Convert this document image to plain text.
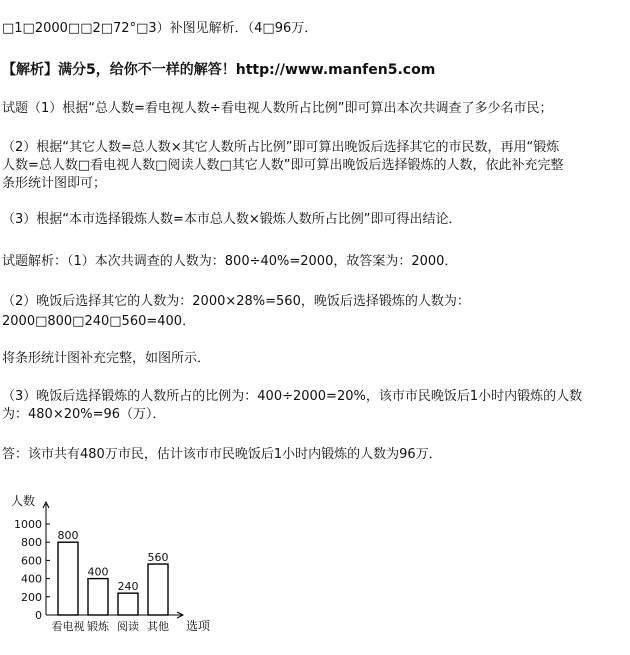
□1□2000□□2□72°□3）补图见解析．（4□96万．
【解析】满分5，给你不一样的解答！http://www.manfen5.com
试题（1）根据“总人数=看电视人数÷看电视人数所占比例”即可算出本次共调查了多少名市民；
（2）根据“其它人数=总人数×其它人数所占比例”即可算出晚饭后选择其它的市民数，再用“锻炼
人数=总人数□看电视人数□阅读人数□其它人数”即可算出晚饭后选择锻炼的人数，依此补充完整
条形统计图即可；
（3）根据“本市选择锻炼人数=本市总人数×锻炼人数所占比例”即可得出结论．
试题解析：（1）本次共调查的人数为：800÷40%=2000，故答案为：2000．
（2）晚饭后选择其它的人数为：2000×28%=560，晚饭后选择锻炼的人数为：
2000□800□240□560=400．
将条形统计图补充完整，如图所示．
（3）晚饭后选择锻炼的人数所占的比例为：400÷2000=20%，该市市民晚饭后1小时内锻炼的人数
为：480×20%=96（万）．
答：该市共有480万市民，估计该市市民晚饭后1小时内锻炼的人数为96万．
0
200
400
600
800
1000
800
400
240
560
看电视 锻炼 阅读 其他
人数
选项
